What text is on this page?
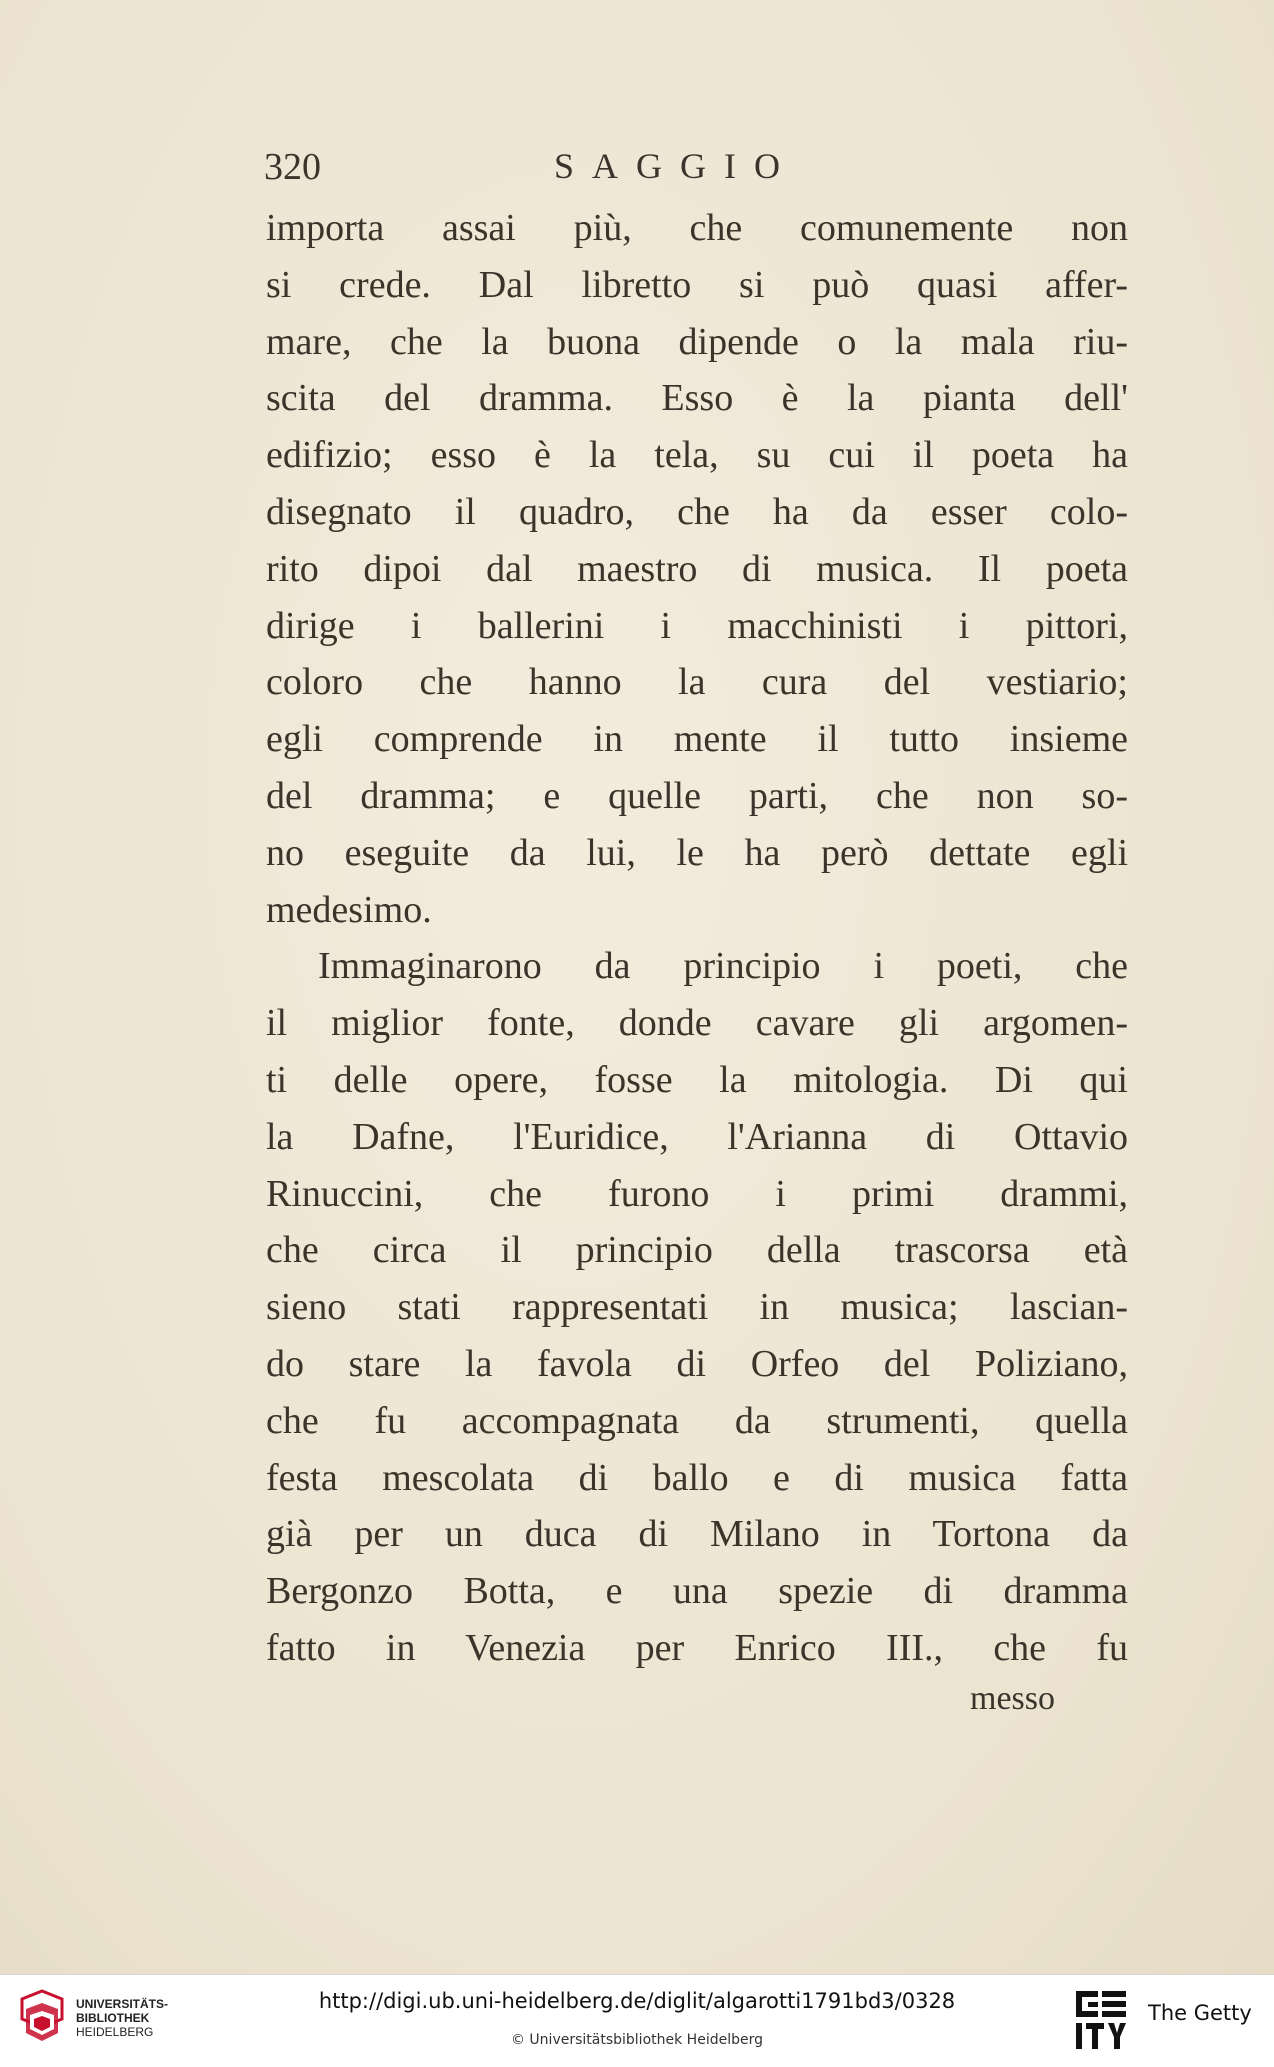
320	SAGGIO
importa assai più, che comunemente non
si crede. Dal libretto si può quasi affer-
mare, che la buona dipende o la mala riu-
scita del dramma. Esso è la pianta dell'
edifizio; esso è la tela, su cui il poeta ha
disegnato il quadro, che ha da esser colo-
rito dipoi dal maestro di musica. Il poeta
dirige i ballerini i macchinisti i pittori,
coloro che hanno la cura del vestiario;
egli comprende in mente il tutto insieme
del dramma; e quelle parti, che non so-
no eseguite da lui, le ha però dettate egli
medesimo.
Immaginarono da principio i poeti, che
il miglior fonte, donde cavare gli argomen-
ti delle opere, fosse la mitologia. Di qui
la Dafne, l'Euridice, l'Arianna di Ottavio
Rinuccini, che furono i primi drammi,
che circa il principio della trascorsa età
sieno stati rappresentati in musica; lascian-
do stare la favola di Orfeo del Poliziano,
che fu accompagnata da strumenti, quella
festa mescolata di ballo e di musica fatta
già per un duca di Milano in Tortona da
Bergonzo Botta, e una spezie di dramma
fatto in Venezia per Enrico III., che fu
messo
UNIVERSITÄTS-
BIBLIOTHEK
HEIDELBERG
http://digi.ub.uni-heidelberg.de/diglit/algarotti1791bd3/0328
© Universitätsbibliothek Heidelberg
The Getty
